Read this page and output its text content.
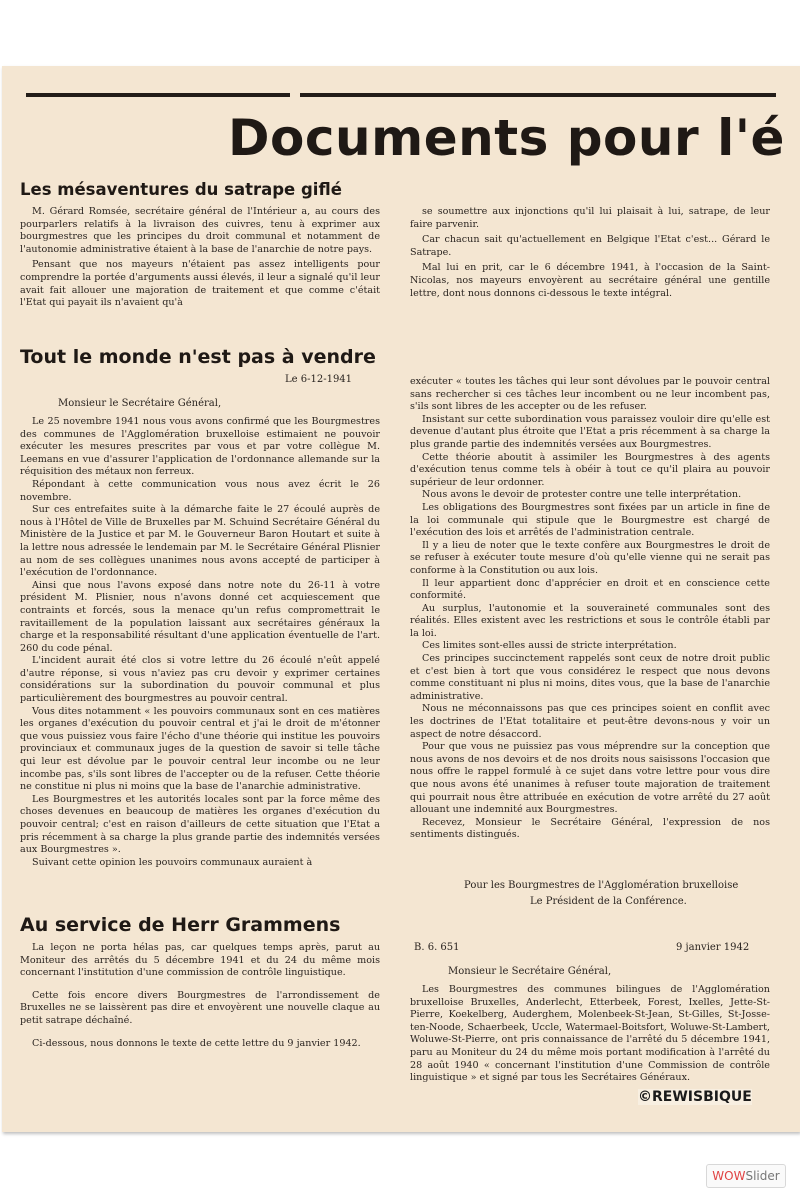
Documents pour l'é
Les mésaventures du satrape giflé

M. Gérard Romsée, secrétaire général de l'Intérieur a, au cours des pourparlers relatifs à la livraison des cuivres, tenu à exprimer aux bourgmestres que les principes du droit communal et notamment de l'autonomie administrative étaient à la base de l'anarchie de notre pays.

Pensant que nos mayeurs n'étaient pas assez intelligents pour comprendre la portée d'arguments aussi élevés, il leur a signalé qu'il leur avait fait allouer une majoration de traitement et que comme c'était l'Etat qui payait ils n'avaient qu'à

se soumettre aux injonctions qu'il lui plaisait à lui, satrape, de leur faire parvenir.

Car chacun sait qu'actuellement en Belgique l'Etat c'est... Gérard le Satrape.

Mal lui en prit, car le 6 décembre 1941, à l'occasion de la Saint-Nicolas, nos mayeurs envoyèrent au secrétaire général une gentille lettre, dont nous donnons ci-dessous le texte intégral.

Tout le monde n'est pas à vendre
Le 6-12-1941
Monsieur le Secrétaire Général,

Le 25 novembre 1941 nous vous avons confirmé que les Bourgmestres des communes de l'Agglomération bruxelloise estimaient ne pouvoir exécuter les mesures prescrites par vous et par votre collègue M. Leemans en vue d'assurer l'application de l'ordonnance allemande sur la réquisition des métaux non ferreux.

Répondant à cette communication vous nous avez écrit le 26 novembre.

Sur ces entrefaites suite à la démarche faite le 27 écoulé auprès de nous à l'Hôtel de Ville de Bruxelles par M. Schuind Secrétaire Général du Ministère de la Justice et par M. le Gouverneur Baron Houtart et suite à la lettre nous adressée le lendemain par M. le Secrétaire Général Plisnier au nom de ses collègues unanimes nous avons accepté de participer à l'exécution de l'ordonnance.

Ainsi que nous l'avons exposé dans notre note du 26-11 à votre président M. Plisnier, nous n'avons donné cet acquiescement que contraints et forcés, sous la menace qu'un refus compromettrait le ravitaillement de la population laissant aux secrétaires généraux la charge et la responsabilité résultant d'une application éventuelle de l'art. 260 du code pénal.

L'incident aurait été clos si votre lettre du 26 écoulé n'eût appelé d'autre réponse, si vous n'aviez pas cru devoir y exprimer certaines considérations sur la subordination du pouvoir communal et plus particulièrement des bourgmestres au pouvoir central.

Vous dites notamment « les pouvoirs communaux sont en ces matières les organes d'exécution du pouvoir central et j'ai le droit de m'étonner que vous puissiez vous faire l'écho d'une théorie qui institue les pouvoirs provinciaux et communaux juges de la question de savoir si telle tâche qui leur est dévolue par le pouvoir central leur incombe ou ne leur incombe pas, s'ils sont libres de l'accepter ou de la refuser. Cette théorie ne constitue ni plus ni moins que la base de l'anarchie administrative.

Les Bourgmestres et les autorités locales sont par la force même des choses devenues en beaucoup de matières les organes d'exécution du pouvoir central; c'est en raison d'ailleurs de cette situation que l'Etat a pris récemment à sa charge la plus grande partie des indemnités versées aux Bourgmestres ».

Suivant cette opinion les pouvoirs communaux auraient à

exécuter « toutes les tâches qui leur sont dévolues par le pouvoir central sans rechercher si ces tâches leur incombent ou ne leur incombent pas, s'ils sont libres de les accepter ou de les refuser.

Insistant sur cette subordination vous paraissez vouloir dire qu'elle est devenue d'autant plus étroite que l'Etat a pris récemment à sa charge la plus grande partie des indemnités versées aux Bourgmestres.

Cette théorie aboutit à assimiler les Bourgmestres à des agents d'exécution tenus comme tels à obéir à tout ce qu'il plaira au pouvoir supérieur de leur ordonner.

Nous avons le devoir de protester contre une telle interprétation.

Les obligations des Bourgmestres sont fixées par un article in fine de la loi communale qui stipule que le Bourgmestre est chargé de l'exécution des lois et arrêtés de l'administration centrale.

Il y a lieu de noter que le texte confère aux Bourgmestres le droit de se refuser à exécuter toute mesure d'où qu'elle vienne qui ne serait pas conforme à la Constitution ou aux lois.

Il leur appartient donc d'apprécier en droit et en conscience cette conformité.

Au surplus, l'autonomie et la souveraineté communales sont des réalités. Elles existent avec les restrictions et sous le contrôle établi par la loi.

Ces limites sont-elles aussi de stricte interprétation.

Ces principes succinctement rappelés sont ceux de notre droit public et c'est bien à tort que vous considérez le respect que nous devons comme constituant ni plus ni moins, dites vous, que la base de l'anarchie administrative.

Nous ne méconnaissons pas que ces principes soient en conflit avec les doctrines de l'Etat totalitaire et peut-être devons-nous y voir un aspect de notre désaccord.

Pour que vous ne puissiez pas vous méprendre sur la conception que nous avons de nos devoirs et de nos droits nous saisissons l'occasion que nous offre le rappel formulé à ce sujet dans votre lettre pour vous dire que nous avons été unanimes à refuser toute majoration de traitement qui pourrait nous être attribuée en exécution de votre arrêté du 27 août allouant une indemnité aux Bourgmestres.

Recevez, Monsieur le Secrétaire Général, l'expression de nos sentiments distingués.

Pour les Bourgmestres de l'Agglomération bruxelloise
Le Président de la Conférence.
Au service de Herr Grammens

La leçon ne porta hélas pas, car quelques temps après, parut au Moniteur des arrêtés du 5 décembre 1941 et du 24 du même mois concernant l'institution d'une commission de contrôle linguistique.

Cette fois encore divers Bourgmestres de l'arrondissement de Bruxelles ne se laissèrent pas dire et envoyèrent une nouvelle claque au petit satrape déchaîné.

Ci-dessous, nous donnons le texte de cette lettre du 9 janvier 1942.

B. 6. 651	9 janvier 1942
Monsieur le Secrétaire Général,

Les Bourgmestres des communes bilingues de l'Agglomération bruxelloise Bruxelles, Anderlecht, Etterbeek, Forest, Ixelles, Jette-St-Pierre, Koekelberg, Auderghem, Molenbeek-St-Jean, St-Gilles, St-Josse-ten-Noode, Schaerbeek, Uccle, Watermael-Boitsfort, Woluwe-St-Lambert, Woluwe-St-Pierre, ont pris connaissance de l'arrêté du 5 décembre 1941, paru au Moniteur du 24 du même mois portant modification à l'arrêté du 28 août 1940 « concernant l'institution d'une Commission de contrôle linguistique » et signé par tous les Secrétaires Généraux.

©REWISBIQUE
WOWSlider
